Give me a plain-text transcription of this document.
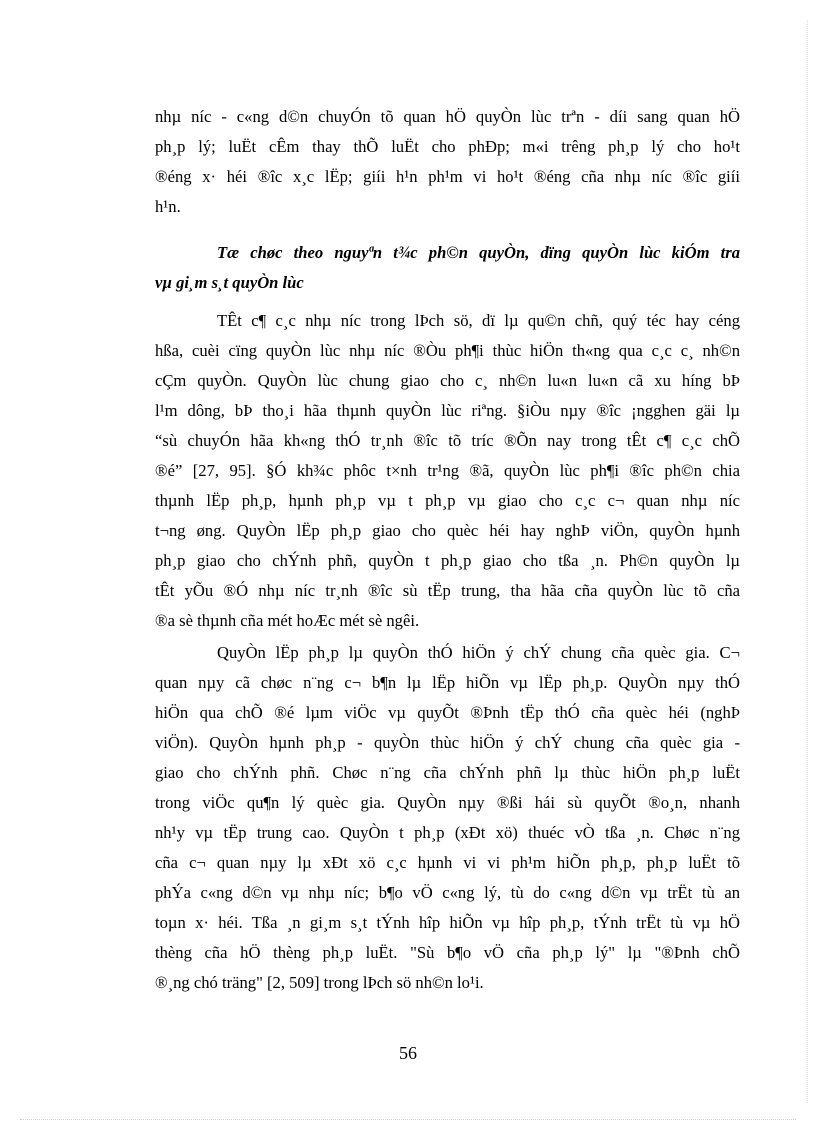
nhµ níc - c«ng d©n chuyÓn tõ quan hÖ quyÒn lùc trªn - díi sang quan hÖ
ph¸p lý; luËt cÊm thay thÕ luËt cho phÐp; m«i trêng ph¸p lý cho ho¹t
®éng x· héi ®îc x¸c lËp; giíi h¹n ph¹m vi ho¹t ®éng cña nhµ níc ®îc giíi
h¹n.
Tæ chøc theo nguyªn t¾c ph©n quyÒn, dïng quyÒn lùc kiÓm tra
vµ gi¸m s¸t quyÒn lùc
TÊt c¶ c¸c nhµ níc trong lÞch sö, dï lµ qu©n chñ, quý téc hay céng
hßa, cuèi cïng quyÒn lùc nhµ níc ®Òu ph¶i thùc hiÖn th«ng qua c¸c c¸ nh©n
cÇm quyÒn. QuyÒn lùc chung giao cho c¸ nh©n lu«n lu«n cã xu híng bÞ
l¹m dông, bÞ tho¸i hãa thµnh quyÒn lùc riªng. §iÒu nµy ®îc ¡ngghen gäi lµ
“sù chuyÓn hãa kh«ng thÓ tr¸nh ®îc tõ tríc ®Õn nay trong tÊt c¶ c¸c chÕ
®é” [27, 95]. §Ó kh¾c phôc t×nh tr¹ng ®ã, quyÒn lùc ph¶i ®îc ph©n chia
thµnh lËp ph¸p, hµnh ph¸p vµ t ph¸p vµ giao cho c¸c c¬ quan nhµ níc
t¬ng øng. QuyÒn lËp ph¸p giao cho quèc héi hay nghÞ viÖn, quyÒn hµnh
ph¸p giao cho chÝnh phñ, quyÒn t ph¸p giao cho tßa ¸n. Ph©n quyÒn lµ
tÊt yÕu ®Ó nhµ níc tr¸nh ®îc sù tËp trung, tha hãa cña quyÒn lùc tõ cña
®a sè thµnh cña mét hoÆc mét sè ngêi.
QuyÒn lËp ph¸p lµ quyÒn thÓ hiÖn ý chÝ chung cña quèc gia. C¬
quan nµy cã chøc n¨ng c¬ b¶n lµ lËp hiÕn vµ lËp ph¸p. QuyÒn nµy thÓ
hiÖn qua chÕ ®é lµm viÖc vµ quyÕt ®Þnh tËp thÓ cña quèc héi (nghÞ
viÖn). QuyÒn hµnh ph¸p - quyÒn thùc hiÖn ý chÝ chung cña quèc gia -
giao cho chÝnh phñ. Chøc n¨ng cña chÝnh phñ lµ thùc hiÖn ph¸p luËt
trong viÖc qu¶n lý quèc gia. QuyÒn nµy ®ßi hái sù quyÕt ®o¸n, nhanh
nh¹y vµ tËp trung cao. QuyÒn t ph¸p (xÐt xö) thuéc vÒ tßa ¸n. Chøc n¨ng
cña c¬ quan nµy lµ xÐt xö c¸c hµnh vi vi ph¹m hiÕn ph¸p, ph¸p luËt tõ
phÝa c«ng d©n vµ nhµ níc; b¶o vÖ c«ng lý, tù do c«ng d©n vµ trËt tù an
toµn x· héi. Tßa ¸n gi¸m s¸t tÝnh hîp hiÕn vµ hîp ph¸p, tÝnh trËt tù vµ hÖ
thèng cña hÖ thèng ph¸p luËt. "Sù b¶o vÖ cña ph¸p lý" lµ "®Þnh chÕ
®¸ng chó träng" [2, 509] trong lÞch sö nh©n lo¹i.
56
